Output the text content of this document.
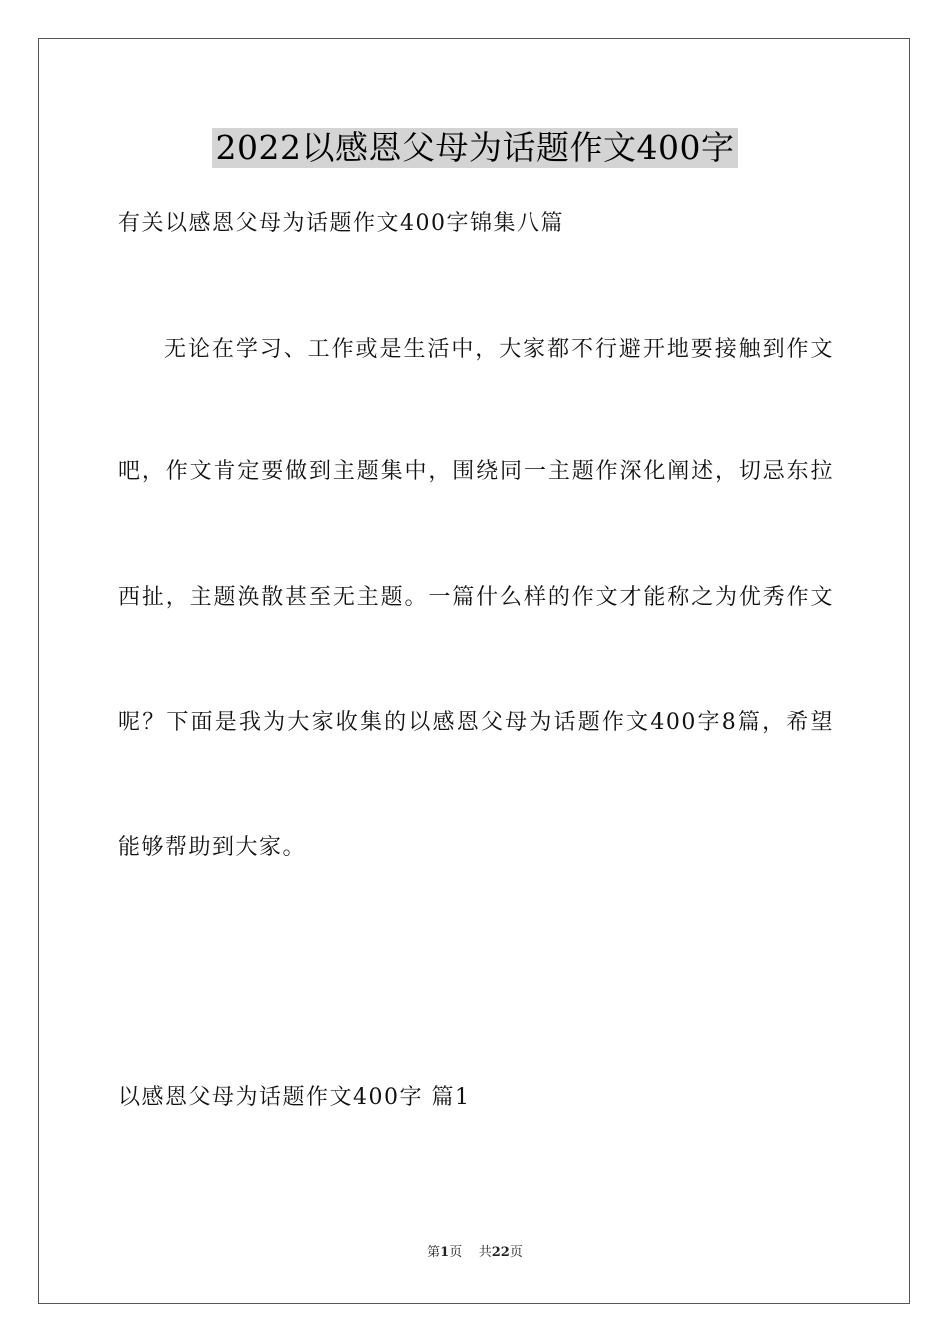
2022以感恩父母为话题作文400字
有关以感恩父母为话题作文400字锦集八篇
无论在学习、工作或是生活中，大家都不行避开地要接触到作文
吧，作文肯定要做到主题集中，围绕同一主题作深化阐述，切忌东拉
西扯，主题涣散甚至无主题。一篇什么样的作文才能称之为优秀作文
呢？下面是我为大家收集的以感恩父母为话题作文400字8篇，希望
能够帮助到大家。
以感恩父母为话题作文400字 篇1
第1页 共22页
